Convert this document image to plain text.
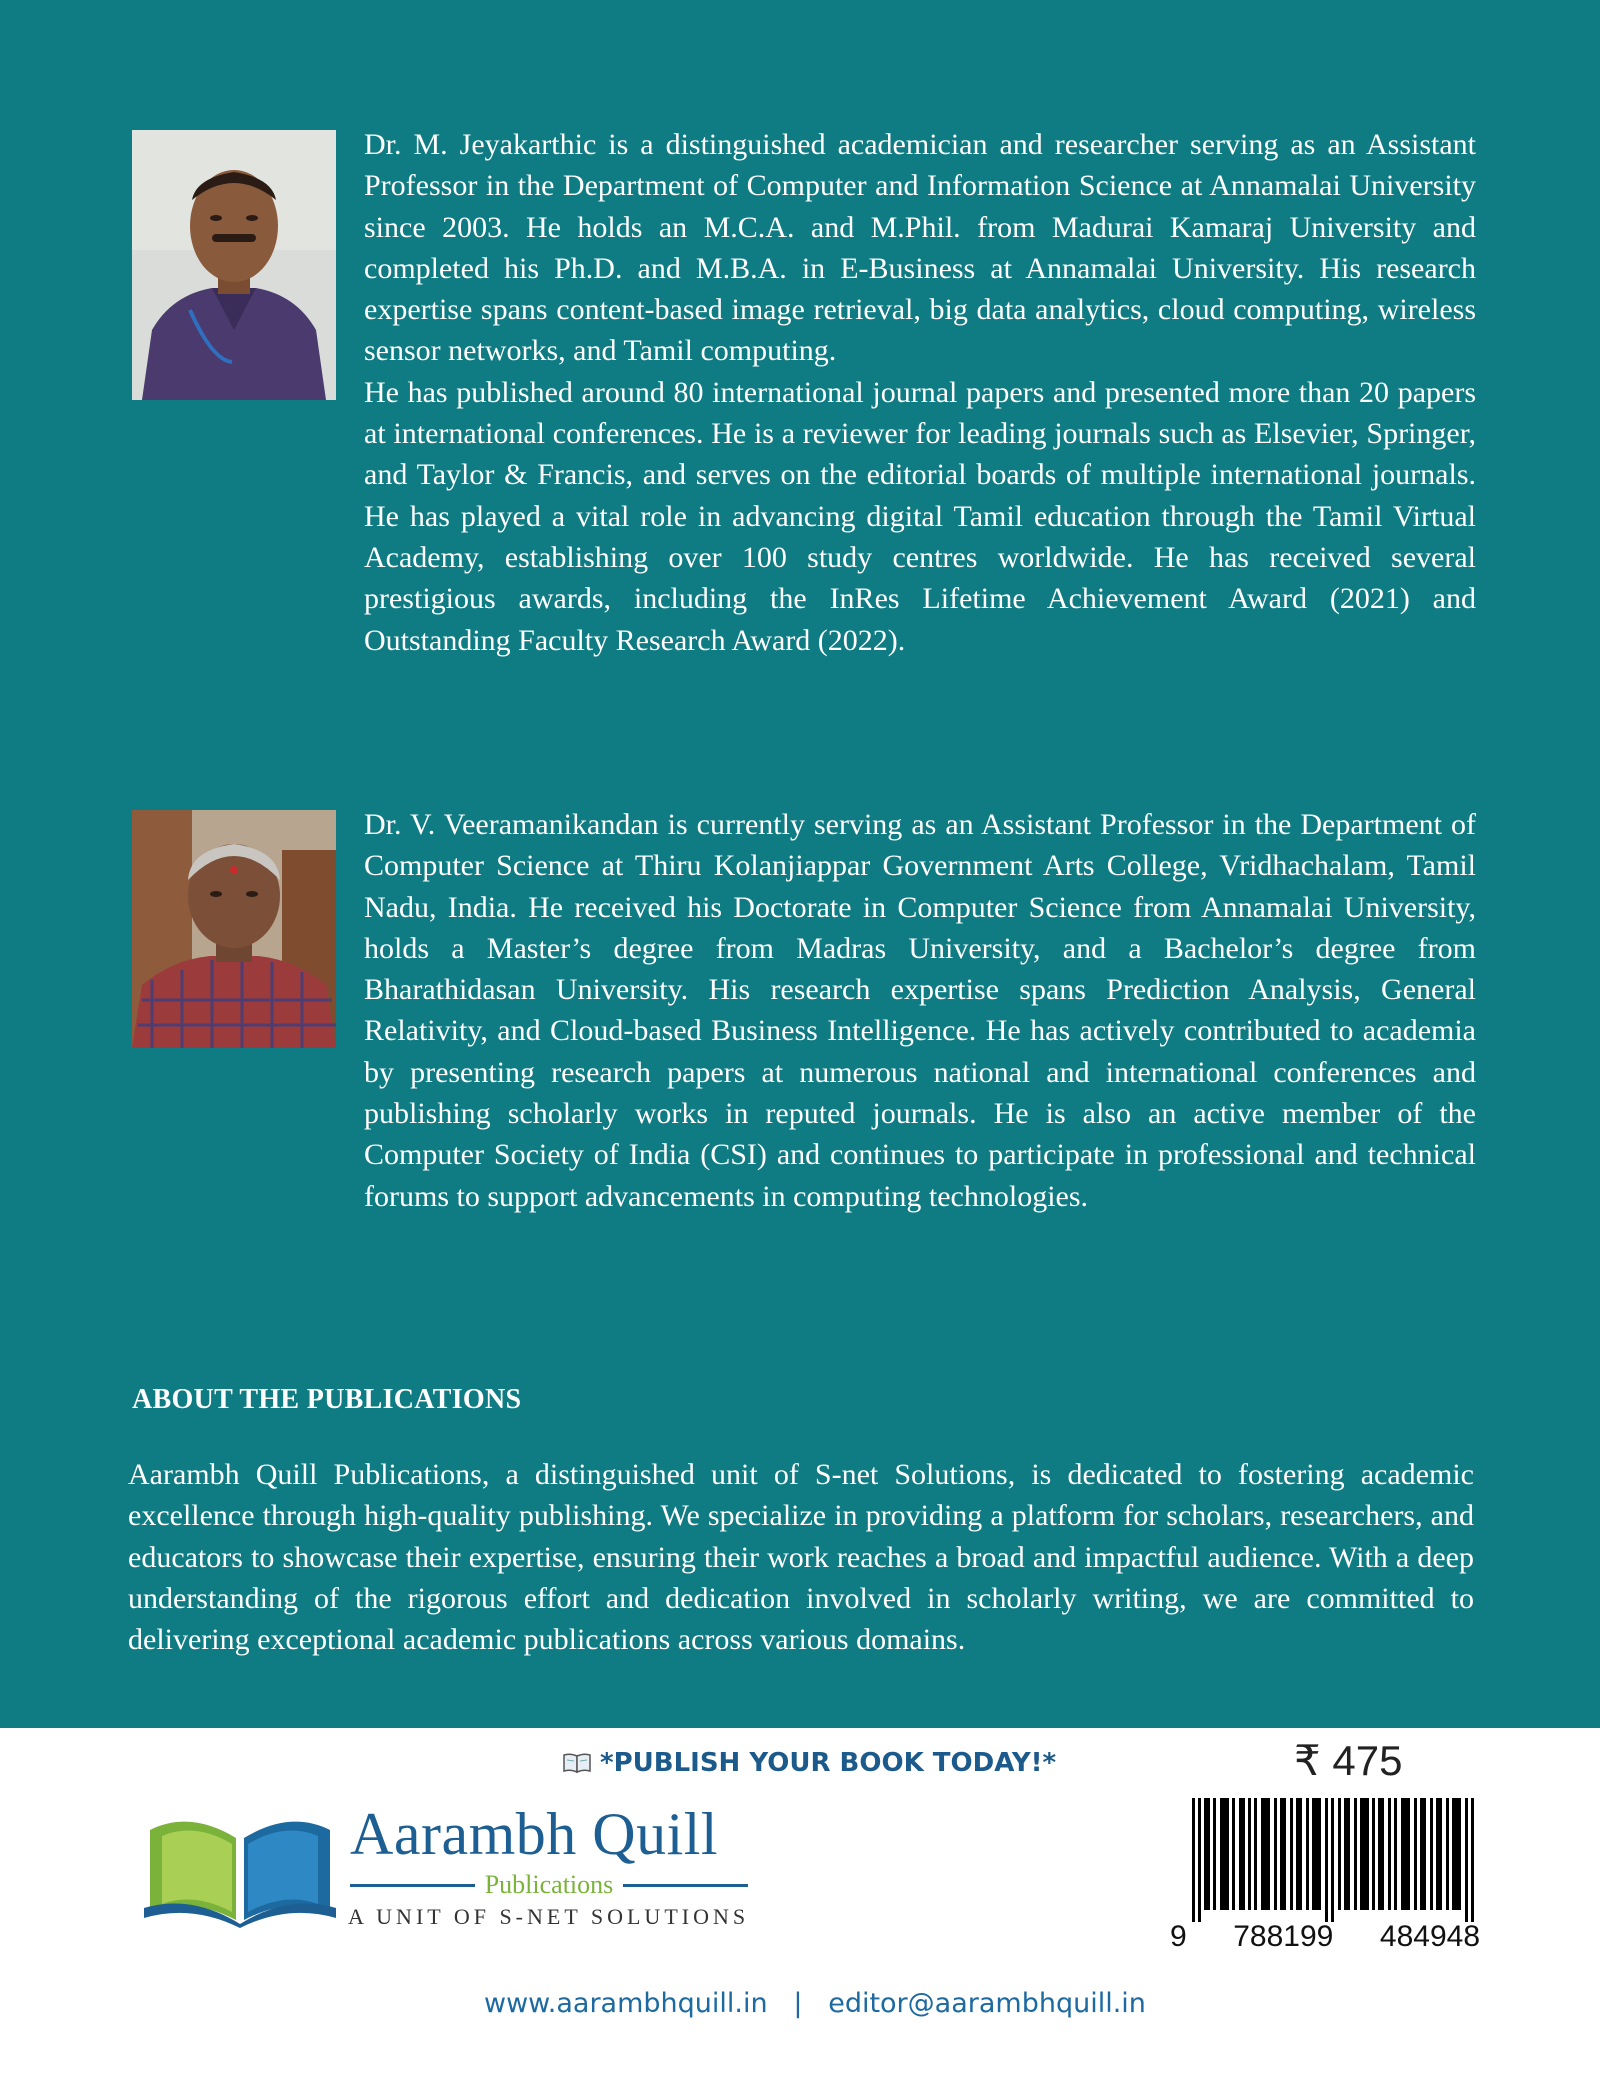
Dr. M. Jeyakarthic is a distinguished academician and researcher serving as an Assistant Professor in the Department of Computer and Information Science at Annamalai University since 2003. He holds an M.C.A. and M.Phil. from Madurai Kamaraj University and completed his Ph.D. and M.B.A. in E-Business at Annamalai University. His research expertise spans content-based image retrieval, big data analytics, cloud computing, wireless sensor networks, and Tamil computing.

He has published around 80 international journal papers and presented more than 20 papers at international conferences. He is a reviewer for leading journals such as Elsevier, Springer, and Taylor & Francis, and serves on the editorial boards of multiple international journals. He has played a vital role in advancing digital Tamil education through the Tamil Virtual Academy, establishing over 100 study centres worldwide. He has received several prestigious awards, including the InRes Lifetime Achievement Award (2021) and Outstanding Faculty Research Award (2022).

Dr. V. Veeramanikandan is currently serving as an Assistant Professor in the Department of Computer Science at Thiru Kolanjiappar Government Arts College, Vridhachalam, Tamil Nadu, India. He received his Doctorate in Computer Science from Annamalai University, holds a Master’s degree from Madras University, and a Bachelor’s degree from Bharathidasan University. His research expertise spans Prediction Analysis, General Relativity, and Cloud-based Business Intelligence. He has actively contributed to academia by presenting research papers at numerous national and international conferences and publishing scholarly works in reputed journals. He is also an active member of the Computer Society of India (CSI) and continues to participate in professional and technical forums to support advancements in computing technologies.

ABOUT THE PUBLICATIONS

Aarambh Quill Publications, a distinguished unit of S-net Solutions, is dedicated to fostering academic excellence through high-quality publishing. We specialize in providing a platform for scholars, researchers, and educators to showcase their expertise, ensuring their work reaches a broad and impactful audience. With a deep understanding of the rigorous effort and dedication involved in scholarly writing, we are committed to delivering exceptional academic publications across various domains.

*PUBLISH YOUR BOOK TODAY!*	₹ 475
Aarambh Quill
Publications
A UNIT OF S-NET SOLUTIONS
9 788199 484948
www.aarambhquill.in | editor@aarambhquill.in
